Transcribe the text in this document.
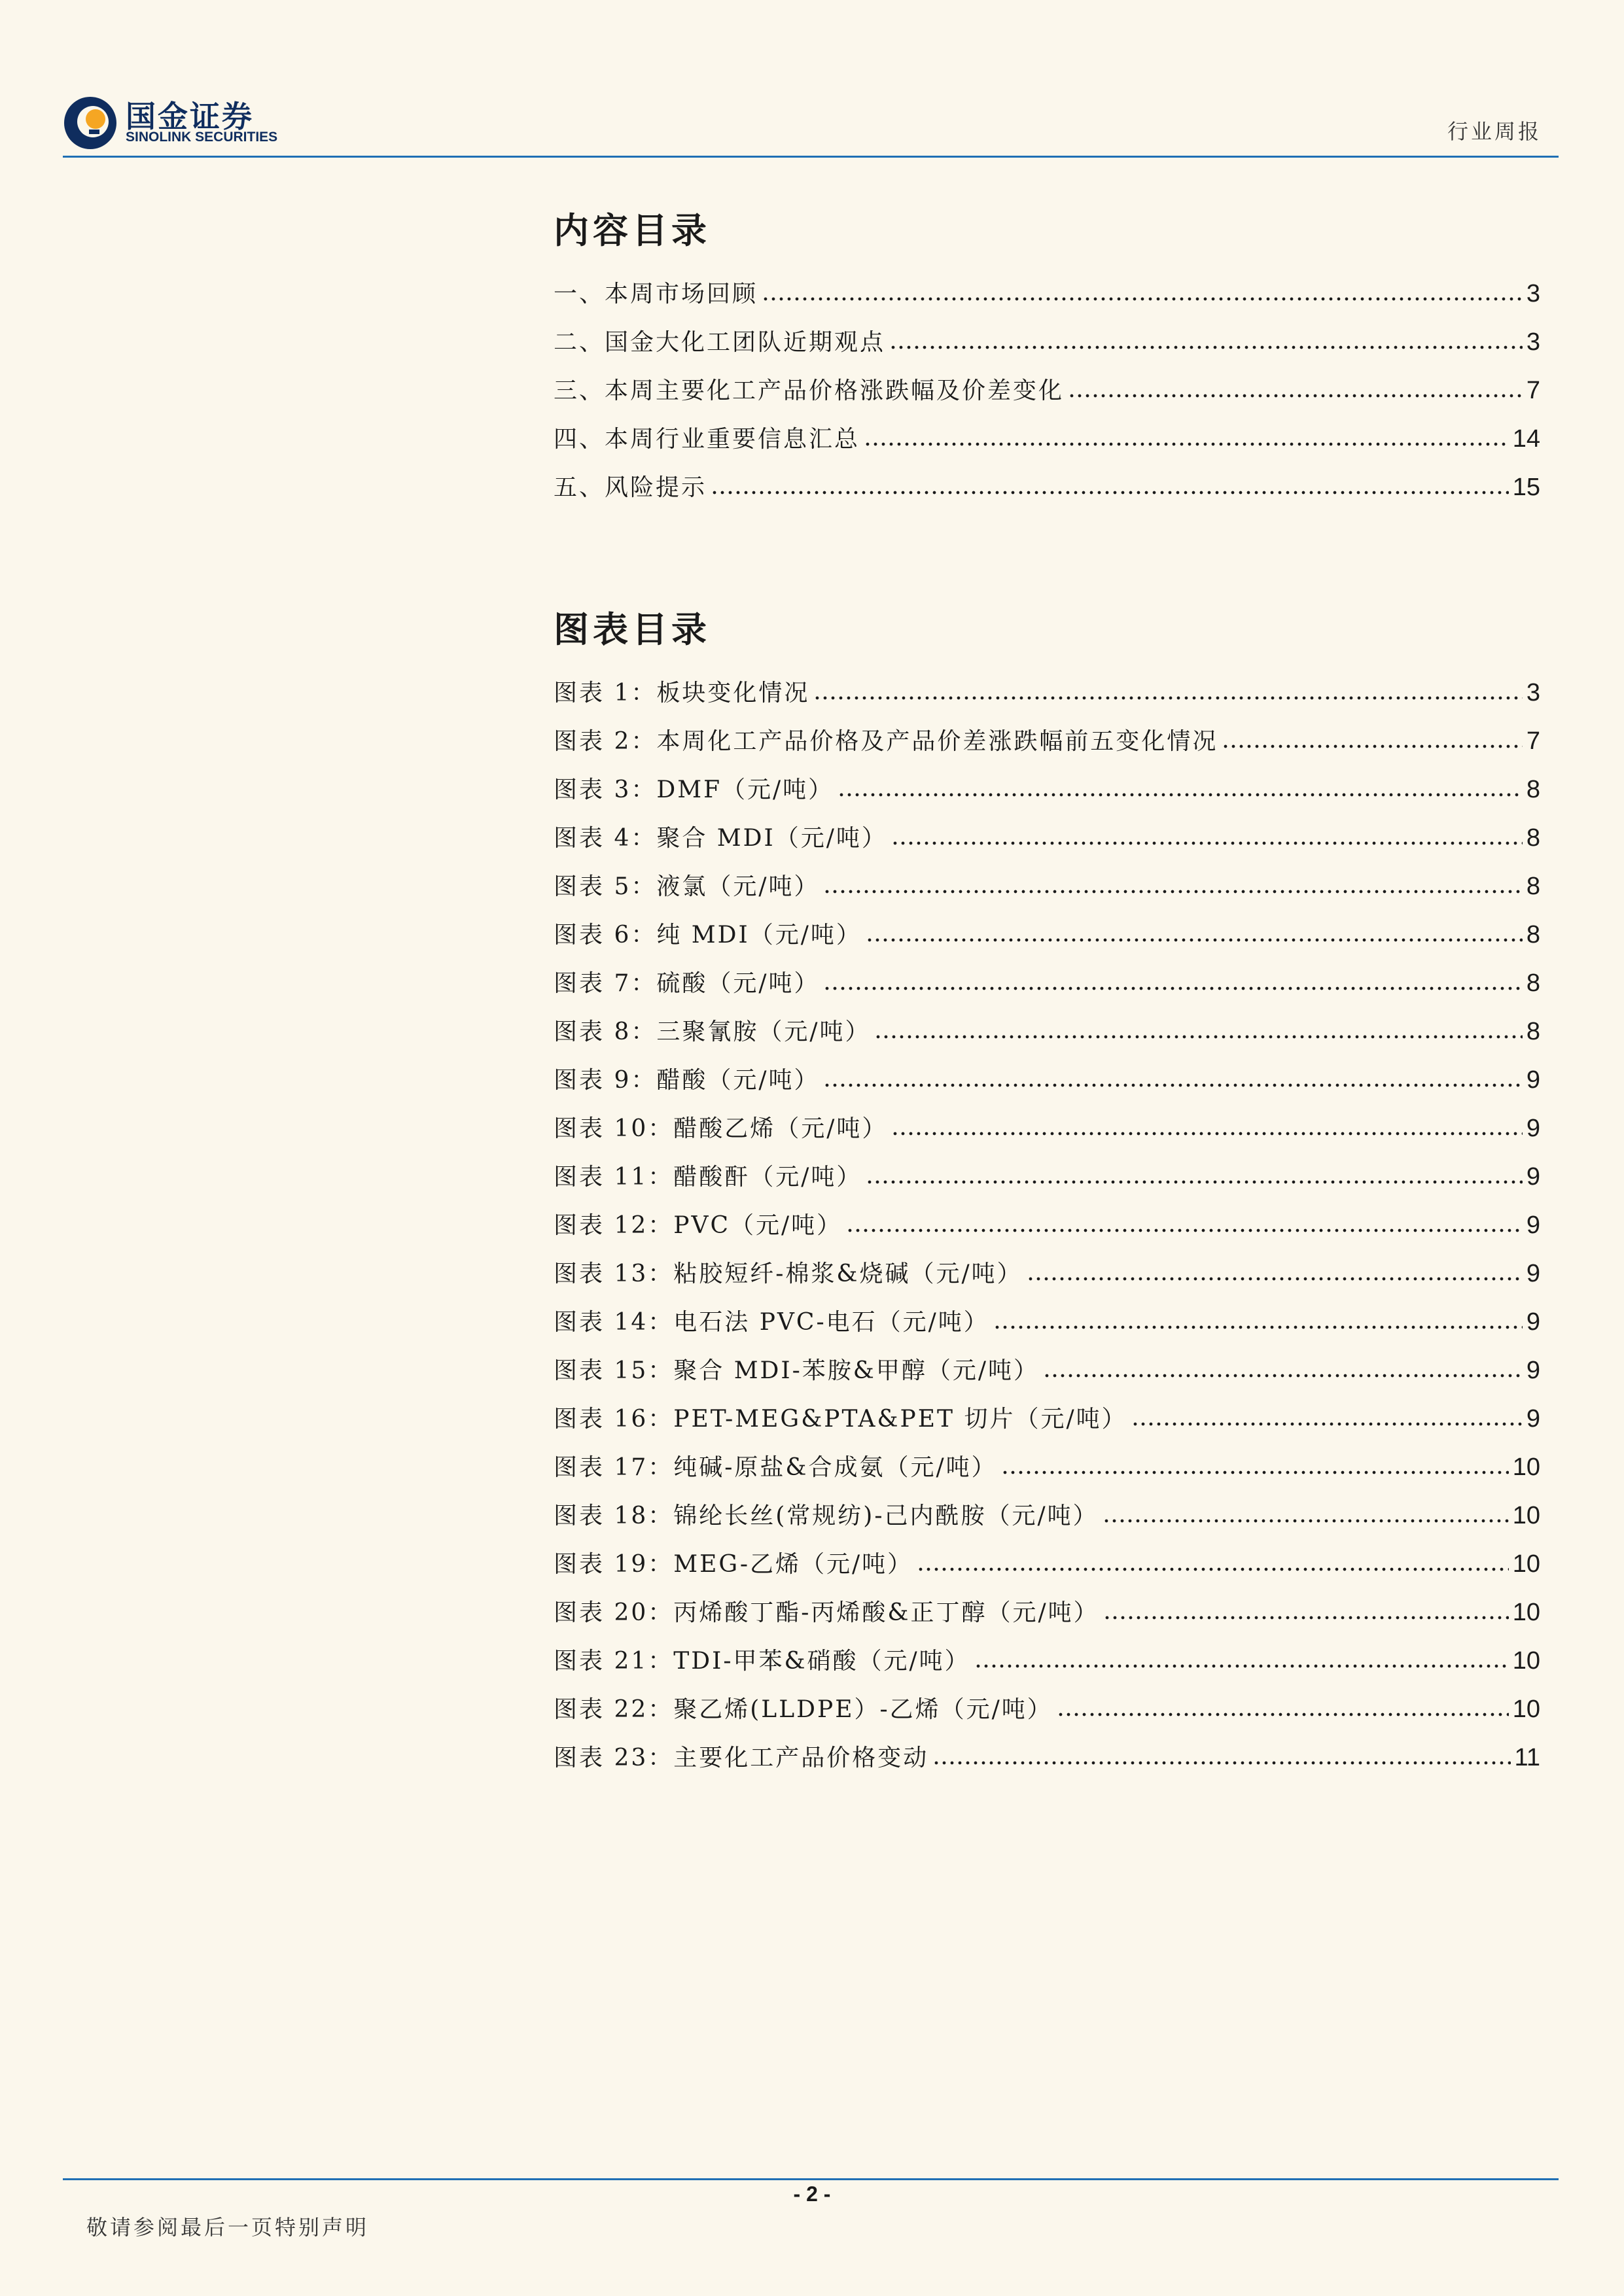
国金证券
SINOLINK SECURITIES	行业周报
内容目录
一、本周市场回顾	3
二、国金大化工团队近期观点	3
三、本周主要化工产品价格涨跌幅及价差变化	7
四、本周行业重要信息汇总	14
五、风险提示	15
图表目录
图表 1：板块变化情况	3
图表 2：本周化工产品价格及产品价差涨跌幅前五变化情况	7
图表 3：DMF（元/吨）	8
图表 4：聚合 MDI（元/吨）	8
图表 5：液氯（元/吨）	8
图表 6：纯 MDI（元/吨）	8
图表 7：硫酸（元/吨）	8
图表 8：三聚氰胺（元/吨）	8
图表 9：醋酸（元/吨）	9
图表 10：醋酸乙烯（元/吨）	9
图表 11：醋酸酐（元/吨）	9
图表 12：PVC（元/吨）	9
图表 13：粘胶短纤-棉浆&烧碱（元/吨）	9
图表 14：电石法 PVC-电石（元/吨）	9
图表 15：聚合 MDI-苯胺&甲醇（元/吨）	9
图表 16：PET-MEG&PTA&PET 切片（元/吨）	9
图表 17：纯碱-原盐&合成氨（元/吨）	10
图表 18：锦纶长丝(常规纺)-己内酰胺（元/吨）	10
图表 19：MEG-乙烯（元/吨）	10
图表 20：丙烯酸丁酯-丙烯酸&正丁醇（元/吨）	10
图表 21：TDI-甲苯&硝酸（元/吨）	10
图表 22：聚乙烯(LLDPE）-乙烯（元/吨）	10
图表 23：主要化工产品价格变动	11
- 2 -
敬请参阅最后一页特别声明
